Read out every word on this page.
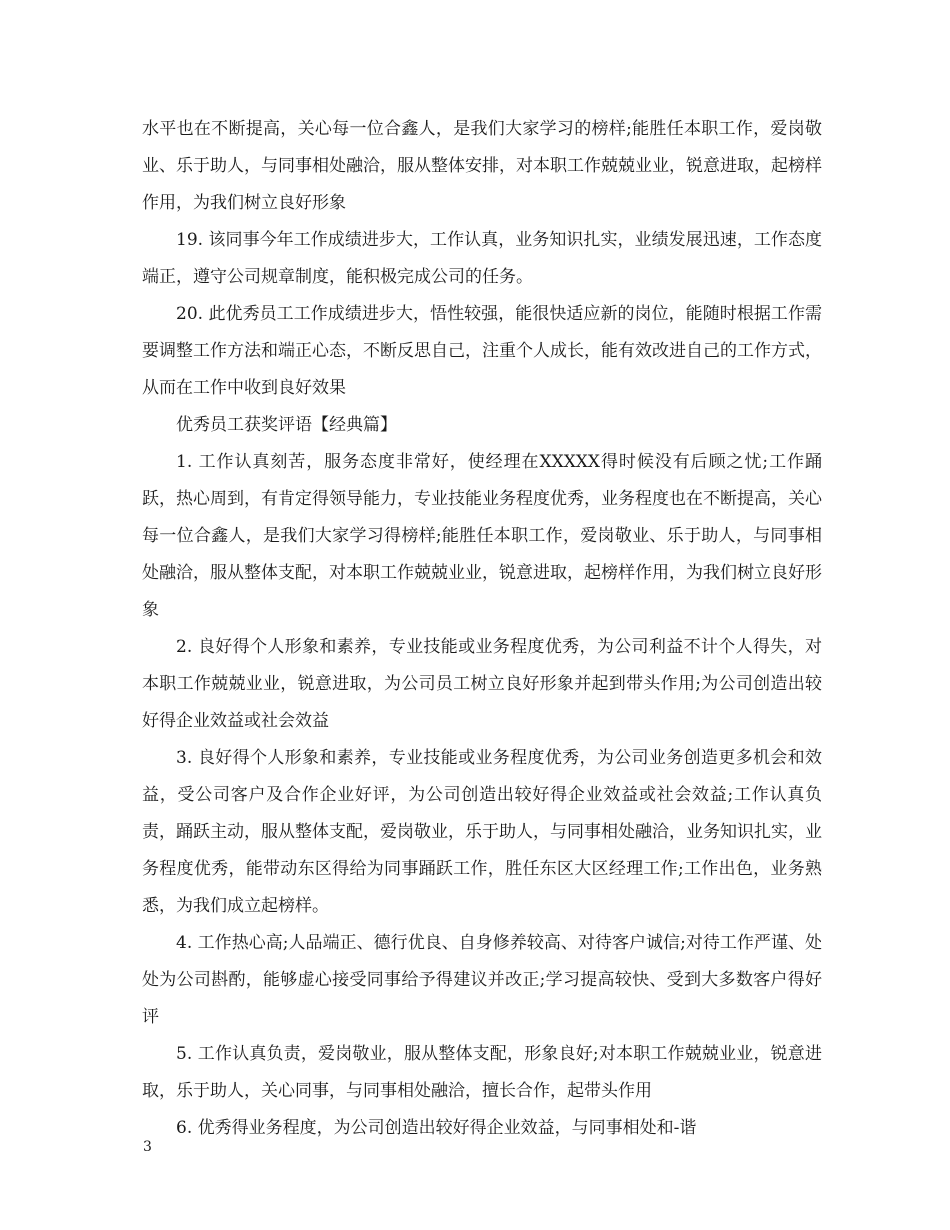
水平也在不断提高，关心每一位合鑫人，是我们大家学习的榜样;能胜任本职工作，爱岗敬业、乐于助人，与同事相处融洽，服从整体安排，对本职工作兢兢业业，锐意进取，起榜样作用，为我们树立良好形象

19. 该同事今年工作成绩进步大，工作认真，业务知识扎实，业绩发展迅速，工作态度端正，遵守公司规章制度，能积极完成公司的任务。

20. 此优秀员工工作成绩进步大，悟性较强，能很快适应新的岗位，能随时根据工作需要调整工作方法和端正心态，不断反思自己，注重个人成长，能有效改进自己的工作方式，从而在工作中收到良好效果

优秀员工获奖评语【经典篇】

1. 工作认真刻苦，服务态度非常好，使经理在XXXXX得时候没有后顾之忧;工作踊跃，热心周到，有肯定得领导能力，专业技能业务程度优秀，业务程度也在不断提高，关心每一位合鑫人，是我们大家学习得榜样;能胜任本职工作，爱岗敬业、乐于助人，与同事相处融洽，服从整体支配，对本职工作兢兢业业，锐意进取，起榜样作用，为我们树立良好形象

2. 良好得个人形象和素养，专业技能或业务程度优秀，为公司利益不计个人得失，对本职工作兢兢业业，锐意进取，为公司员工树立良好形象并起到带头作用;为公司创造出较好得企业效益或社会效益

3. 良好得个人形象和素养，专业技能或业务程度优秀，为公司业务创造更多机会和效益，受公司客户及合作企业好评，为公司创造出较好得企业效益或社会效益;工作认真负责，踊跃主动，服从整体支配，爱岗敬业，乐于助人，与同事相处融洽，业务知识扎实，业务程度优秀，能带动东区得给为同事踊跃工作，胜任东区大区经理工作;工作出色，业务熟悉，为我们成立起榜样。

4. 工作热心高;人品端正、德行优良、自身修养较高、对待客户诚信;对待工作严谨、处处为公司斟酌，能够虚心接受同事给予得建议并改正;学习提高较快、受到大多数客户得好评

5. 工作认真负责，爱岗敬业，服从整体支配，形象良好;对本职工作兢兢业业，锐意进取，乐于助人，关心同事，与同事相处融洽，擅长合作，起带头作用

6. 优秀得业务程度，为公司创造出较好得企业效益，与同事相处和-谐

3
